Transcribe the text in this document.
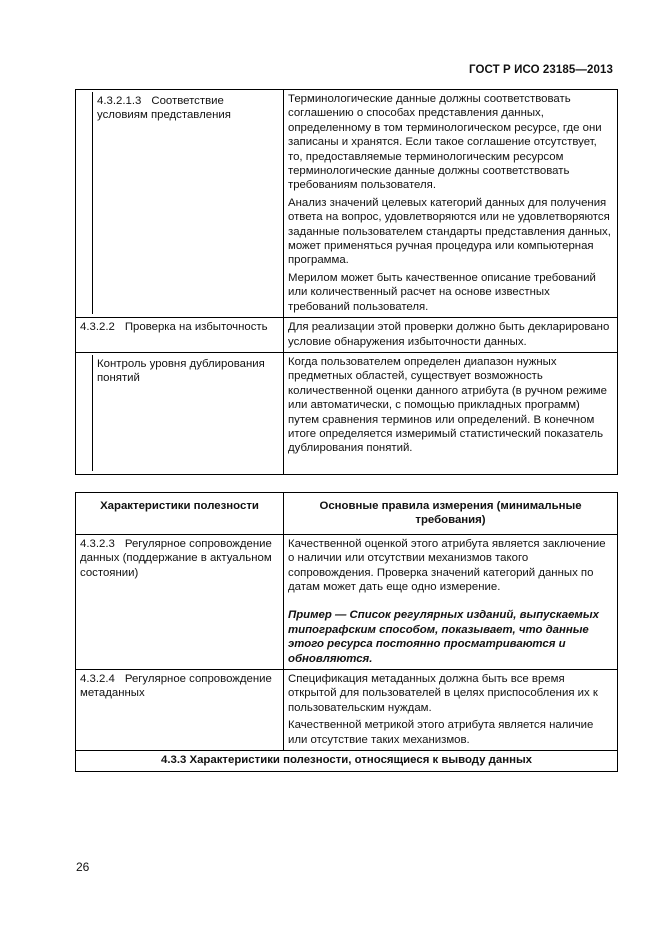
ГОСТ Р ИСО 23185—2013
4.3.2.1.3 Соответствие условиям представления	Терминологические данные должны соответствовать соглашению о способах представления данных, определенному в том терминологическом ресурсе, где они записаны и хранятся. Если такое соглашение отсутствует, то, предоставляемые терминологическим ресурсом терминологические данные должны соответствовать требованиям пользователя.

Анализ значений целевых категорий данных для получения ответа на вопрос, удовлетворяются или не удовлетворяются заданные пользователем стандарты представления данных, может применяться ручная процедура или компьютерная программа.

Мерилом может быть качественное описание требований или количественный расчет на основе известных требований пользователя.

4.3.2.2 Проверка на избыточность	Для реализации этой проверки должно быть декларировано условие обнаружения избыточности данных.

Контроль уровня дублирования понятий	Когда пользователем определен диапазон нужных предметных областей, существует возможность количественной оценки данного атрибута (в ручном режиме или автоматически, с помощью прикладных программ) путем сравнения терминов или определений. В конечном итоге определяется измеримый статистический показатель дублирования понятий.

Характеристики полезности	Основные правила измерения (минимальные требования)
4.3.2.3 Регулярное сопровождение данных (поддержание в актуальном состоянии)	Качественной оценкой этого атрибута является заключение о наличии или отсутствии механизмов такого сопровождения. Проверка значений категорий данных по датам может дать еще одно измерение.

Пример — Список регулярных изданий, выпускаемых типографским способом, показывает, что данные этого ресурса постоянно просматриваются и обновляются.

4.3.2.4 Регулярное сопровождение метаданных	Спецификация метаданных должна быть все время открытой для пользователей в целях приспособления их к пользовательским нуждам.

Качественной метрикой этого атрибута является наличие или отсутствие таких механизмов.

4.3.3 Характеристики полезности, относящиеся к выводу данных	
26
